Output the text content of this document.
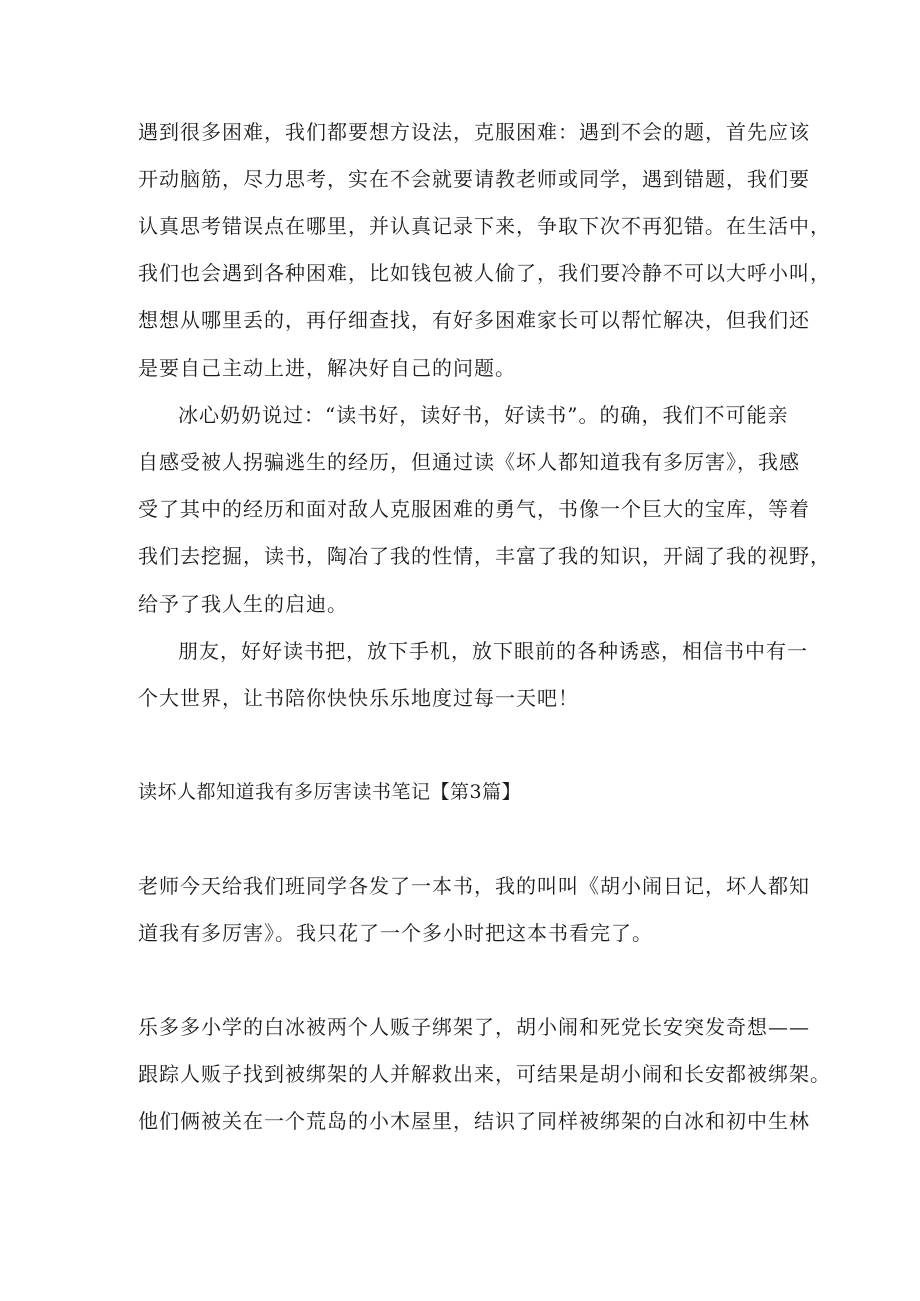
遇到很多困难，我们都要想方设法，克服困难：遇到不会的题，首先应该
开动脑筋，尽力思考，实在不会就要请教老师或同学，遇到错题，我们要
认真思考错误点在哪里，并认真记录下来，争取下次不再犯错。在生活中，
我们也会遇到各种困难，比如钱包被人偷了，我们要冷静不可以大呼小叫，
想想从哪里丢的，再仔细查找，有好多困难家长可以帮忙解决，但我们还
是要自己主动上进，解决好自己的问题。
冰心奶奶说过：“读书好，读好书，好读书”。的确，我们不可能亲
自感受被人拐骗逃生的经历，但通过读《坏人都知道我有多厉害》，我感
受了其中的经历和面对敌人克服困难的勇气，书像一个巨大的宝库，等着
我们去挖掘，读书，陶冶了我的性情，丰富了我的知识，开阔了我的视野，
给予了我人生的启迪。
朋友，好好读书把，放下手机，放下眼前的各种诱惑，相信书中有一
个大世界，让书陪你快快乐乐地度过每一天吧！
读坏人都知道我有多厉害读书笔记【第3篇】
老师今天给我们班同学各发了一本书，我的叫叫《胡小闹日记，坏人都知
道我有多厉害》。我只花了一个多小时把这本书看完了。
乐多多小学的白冰被两个人贩子绑架了，胡小闹和死党长安突发奇想——
跟踪人贩子找到被绑架的人并解救出来，可结果是胡小闹和长安都被绑架。
他们俩被关在一个荒岛的小木屋里，结识了同样被绑架的白冰和初中生林
